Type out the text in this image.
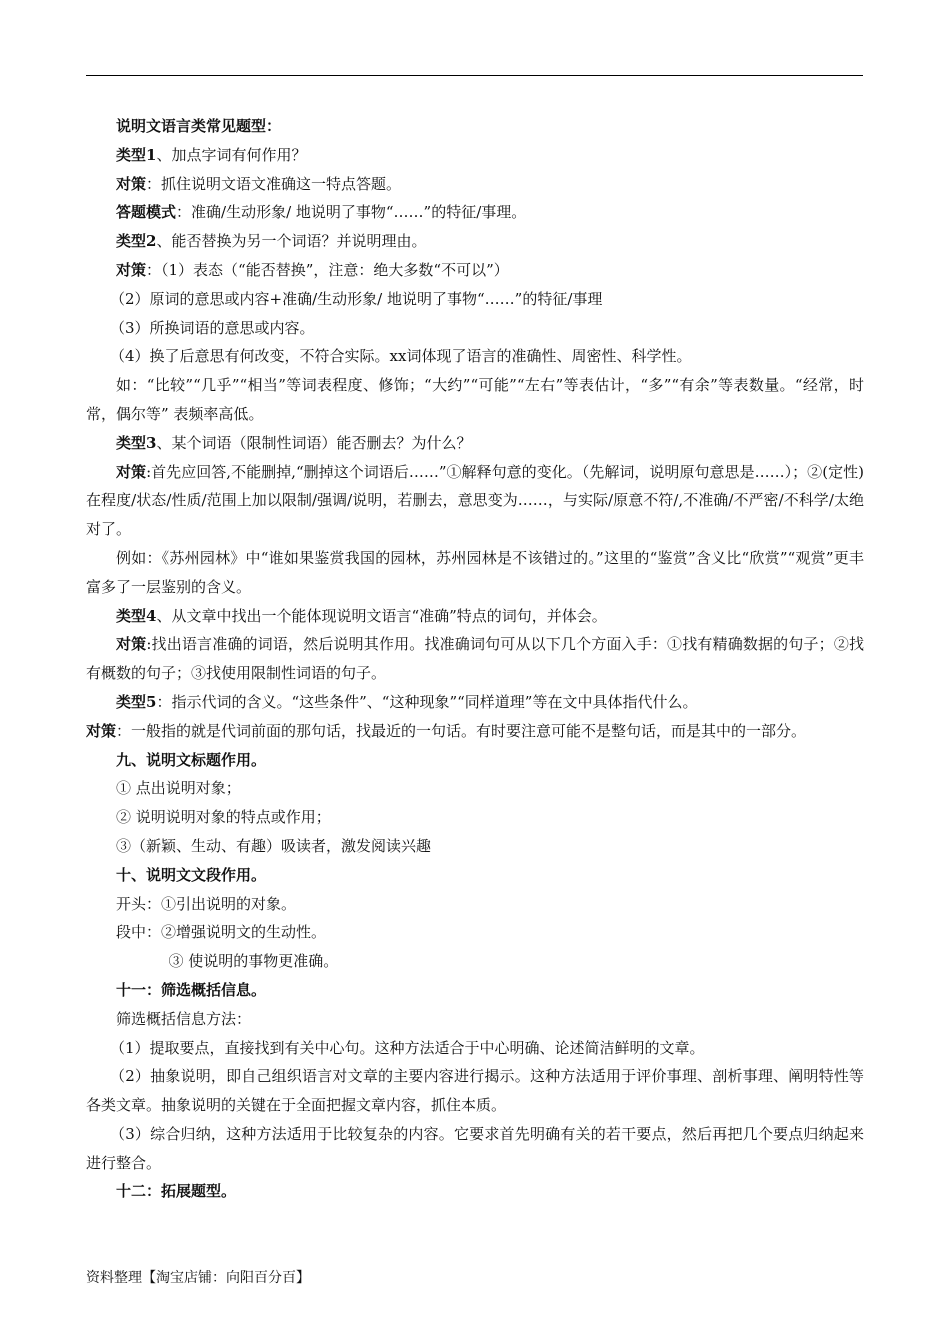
说明文语言类常见题型：

类型1、加点字词有何作用？

对策：抓住说明文语文准确这一特点答题。

答题模式：准确/生动形象/ 地说明了事物“……”的特征/事理。

类型2、能否替换为另一个词语？并说明理由。

对策：（1）表态（“能否替换”，注意：绝大多数“不可以”）

（2）原词的意思或内容+准确/生动形象/ 地说明了事物“……”的特征/事理

（3）所换词语的意思或内容。

（4）换了后意思有何改变，不符合实际。xx词体现了语言的准确性、周密性、科学性。

如：“比较”“几乎”“相当”等词表程度、修饰；“大约”“可能”“左右”等表估计，“多”“有余”等表数量。“经常，时常，偶尔等” 表频率高低。

类型3、某个词语（限制性词语）能否删去？为什么？

对策:首先应回答,不能删掉,“删掉这个词语后……”①解释句意的变化。（先解词，说明原句意思是……）；②(定性)在程度/状态/性质/范围上加以限制/强调/说明，若删去，意思变为……，与实际/原意不符/,不准确/不严密/不科学/太绝对了。

例如：《苏州园林》中“谁如果鉴赏我国的园林，苏州园林是不该错过的。”这里的“鉴赏”含义比“欣赏”“观赏”更丰富多了一层鉴别的含义。

类型4、从文章中找出一个能体现说明文语言“准确”特点的词句，并体会。

对策:找出语言准确的词语，然后说明其作用。找准确词句可从以下几个方面入手：①找有精确数据的句子；②找有概数的句子；③找使用限制性词语的句子。

类型5：指示代词的含义。“这些条件”、“这种现象”“同样道理”等在文中具体指代什么。

对策：一般指的就是代词前面的那句话，找最近的一句话。有时要注意可能不是整句话，而是其中的一部分。

九、说明文标题作用。

① 点出说明对象；

② 说明说明对象的特点或作用；

③（新颖、生动、有趣）吸读者，激发阅读兴趣

十、说明文文段作用。

开头：①引出说明的对象。

段中：②增强说明文的生动性。

③ 使说明的事物更准确。

十一：筛选概括信息。

筛选概括信息方法：

（1）提取要点，直接找到有关中心句。这种方法适合于中心明确、论述简洁鲜明的文章。

（2）抽象说明，即自己组织语言对文章的主要内容进行揭示。这种方法适用于评价事理、剖析事理、阐明特性等各类文章。抽象说明的关键在于全面把握文章内容，抓住本质。

（3）综合归纳，这种方法适用于比较复杂的内容。它要求首先明确有关的若干要点，然后再把几个要点归纳起来进行整合。

十二：拓展题型。

资料整理【淘宝店铺：向阳百分百】
